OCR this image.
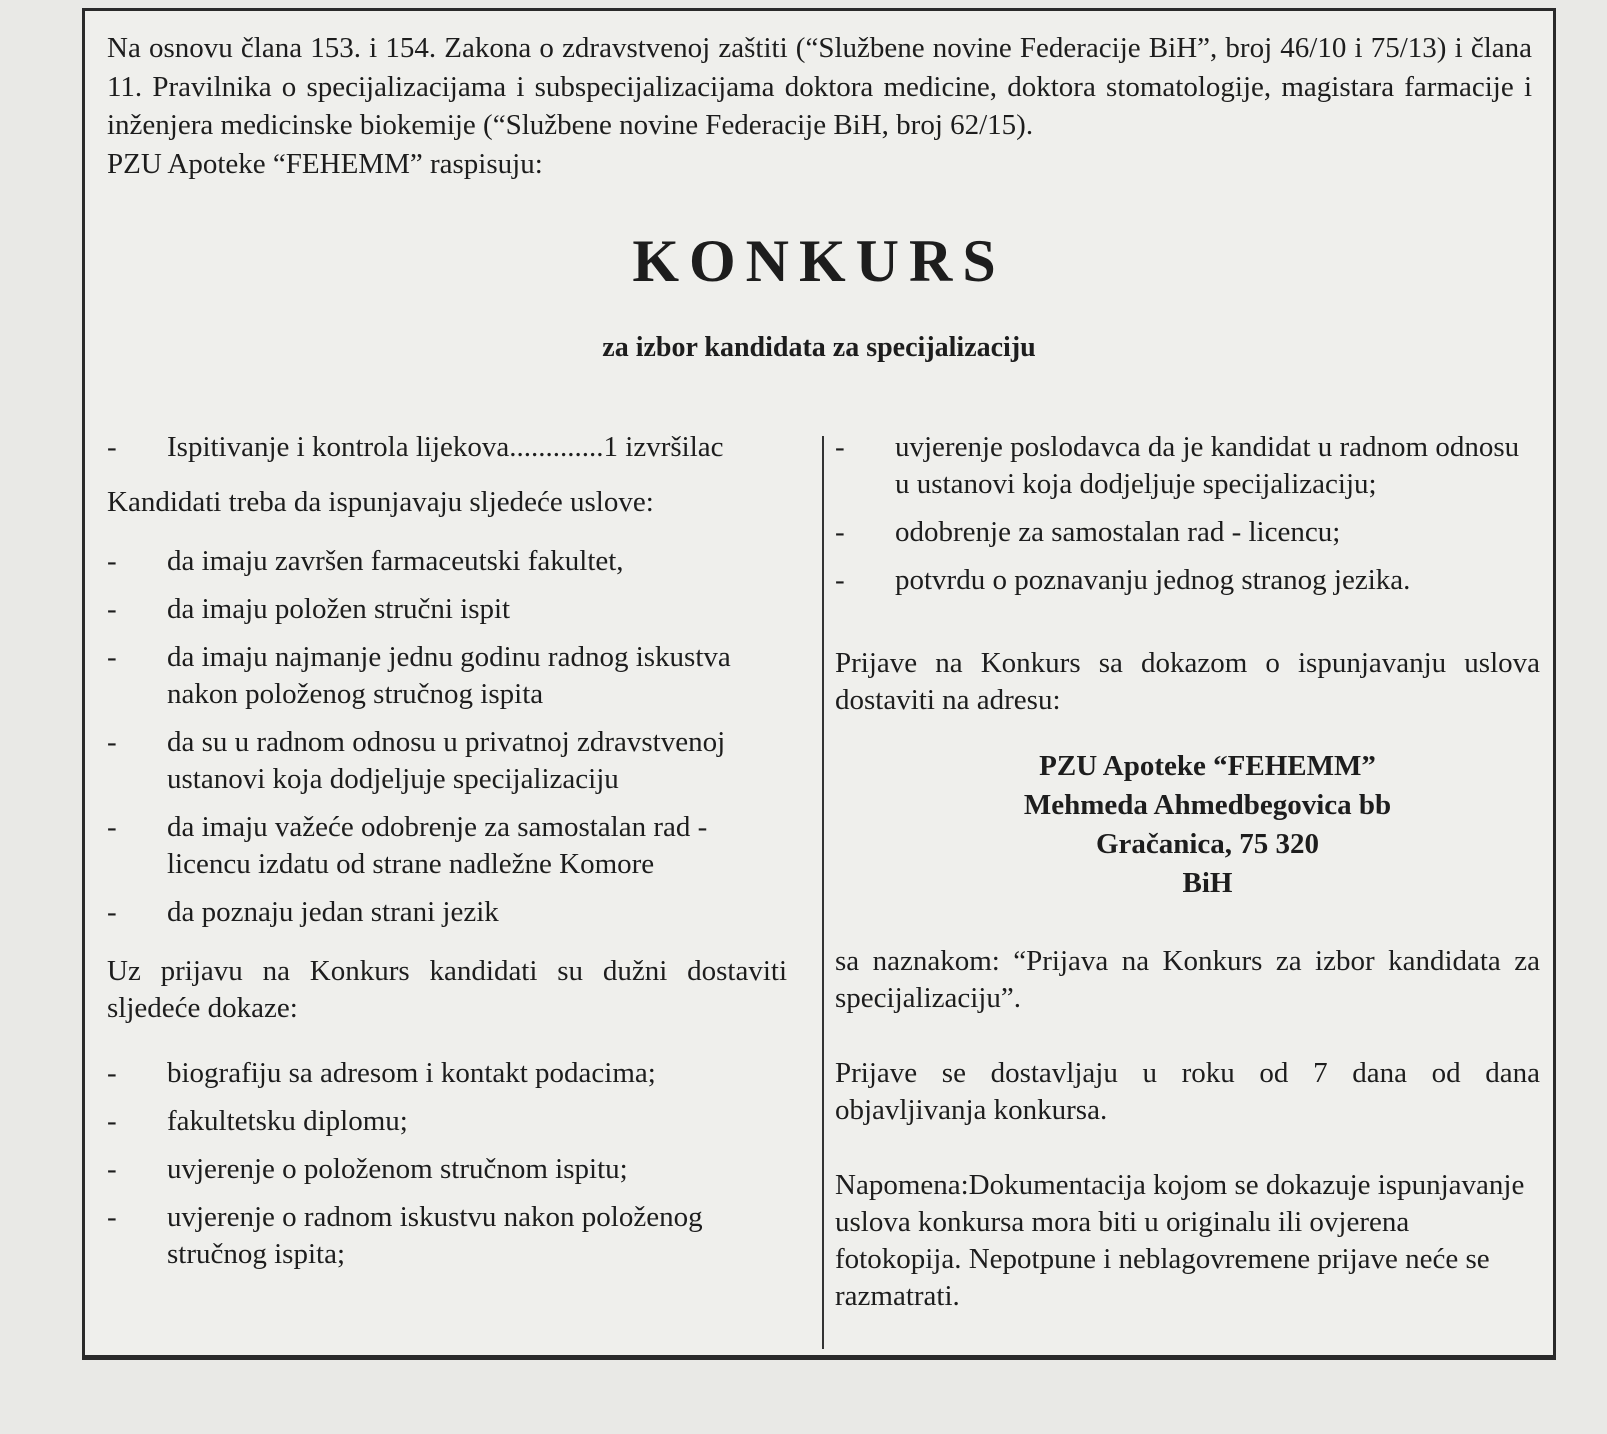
Na osnovu člana 153. i 154. Zakona o zdravstvenoj zaštiti (“Službene novine Federacije BiH”, broj 46/10 i 75/13) i člana 11. Pravilnika o specijalizacijama i subspecijalizacijama doktora medicine, doktora stomatologije, magistara farmacije i inženjera medicinske biokemije (“Službene novine Federacije BiH, broj 62/15).

PZU Apoteke “FEHEMM” raspisuju:

KONKURS
za izbor kandidata za specijalizaciju
- Ispitivanje i kontrola lijekova.............1 izvršilac

Kandidati treba da ispunjavaju sljedeće uslove:

- da imaju završen farmaceutski fakultet,
- da imaju položen stručni ispit
- da imaju najmanje jednu godinu radnog iskustva nakon položenog stručnog ispita
- da su u radnom odnosu u privatnoj zdravstvenoj ustanovi koja dodjeljuje specijalizaciju
- da imaju važeće odobrenje za samostalan rad - licencu izdatu od strane nadležne Komore
- da poznaju jedan strani jezik

Uz prijavu na Konkurs kandidati su dužni dostaviti sljedeće dokaze:

- biografiju sa adresom i kontakt podacima;
- fakultetsku diplomu;
- uvjerenje o položenom stručnom ispitu;
- uvjerenje o radnom iskustvu nakon položenog stručnog ispita;
- uvjerenje poslodavca da je kandidat u radnom odnosu u ustanovi koja dodjeljuje specijalizaciju;
- odobrenje za samostalan rad - licencu;
- potvrdu o poznavanju jednog stranog jezika.

Prijave na Konkurs sa dokazom o ispunjavanju uslova dostaviti na adresu:

PZU Apoteke “FEHEMM”
Mehmeda Ahmedbegovica bb
Gračanica, 75 320
BiH

sa naznakom: “Prijava na Konkurs za izbor kandidata za specijalizaciju”.

Prijave se dostavljaju u roku od 7 dana od dana objavljivanja konkursa.

Napomena:Dokumentacija kojom se dokazuje ispunjavanje uslova konkursa mora biti u originalu ili ovjerena fotokopija. Nepotpune i neblagovremene prijave neće se razmatrati.
